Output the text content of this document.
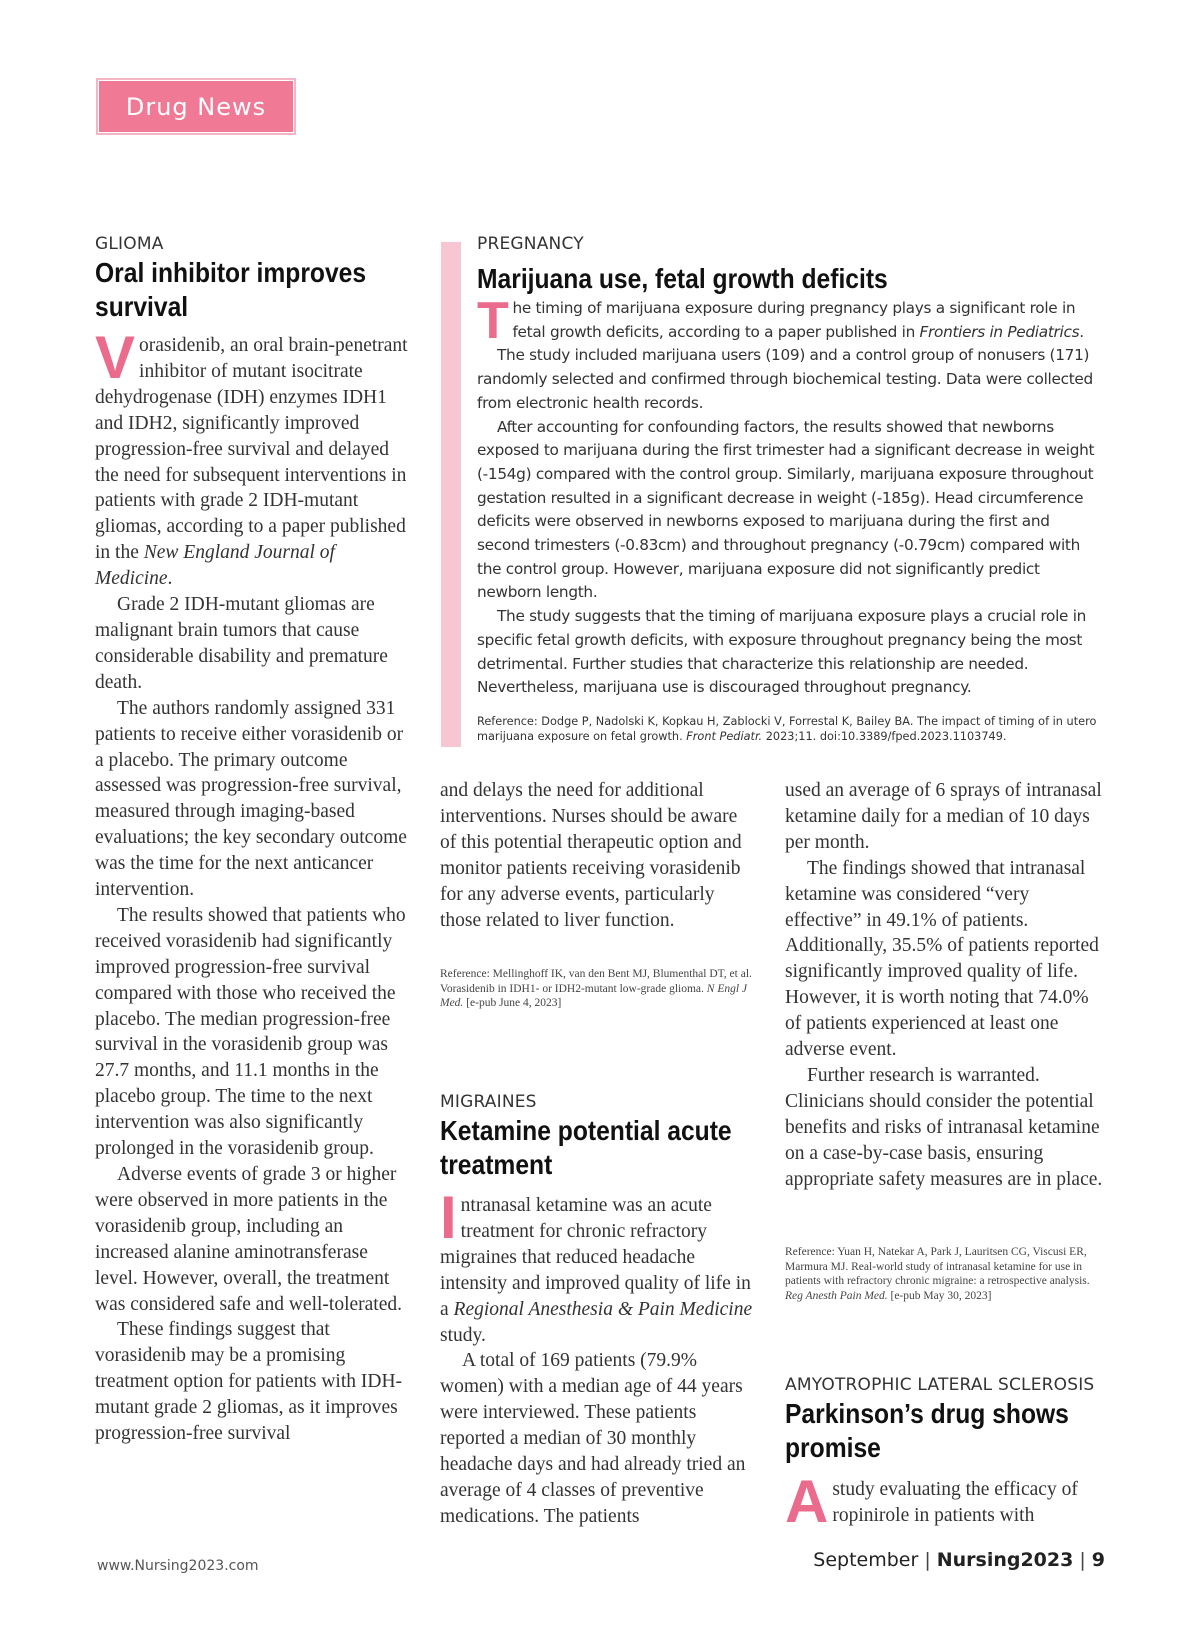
Drug News
GLIOMA
Oral inhibitor improves survival

Vorasidenib, an oral brain-penetrant inhibitor of mutant isocitrate dehydrogenase (IDH) enzymes IDH1 and IDH2, significantly improved progression-free survival and delayed the need for subsequent interventions in patients with grade 2 IDH-mutant gliomas, according to a paper published in the New England Journal of Medicine.

Grade 2 IDH-mutant gliomas are malignant brain tumors that cause considerable disability and premature death.

The authors randomly assigned 331 patients to receive either vorasidenib or a placebo. The primary outcome assessed was progression-free survival, measured through imaging-based evaluations; the key secondary outcome was the time for the next anticancer intervention.

The results showed that patients who received vorasidenib had significantly improved progression-free survival compared with those who received the placebo. The median progression-free survival in the vorasidenib group was 27.7 months, and 11.1 months in the placebo group. The time to the next intervention was also significantly prolonged in the vorasidenib group.

Adverse events of grade 3 or higher were observed in more patients in the vorasidenib group, including an increased alanine aminotransferase level. However, overall, the treatment was considered safe and well-tolerated.

These findings suggest that vorasidenib may be a promising treatment option for patients with IDH-mutant grade 2 gliomas, as it improves progression-free survival

PREGNANCY
Marijuana use, fetal growth deficits

The timing of marijuana exposure during pregnancy plays a significant role in fetal growth deficits, according to a paper published in Frontiers in Pediatrics.

The study included marijuana users (109) and a control group of nonusers (171) randomly selected and confirmed through biochemical testing. Data were collected from electronic health records.

After accounting for confounding factors, the results showed that newborns exposed to marijuana during the first trimester had a significant decrease in weight (-154g) compared with the control group. Similarly, marijuana exposure throughout gestation resulted in a significant decrease in weight (-185g). Head circumference deficits were observed in newborns exposed to marijuana during the first and second trimesters (-0.83cm) and throughout pregnancy (-0.79cm) compared with the control group. However, marijuana exposure did not significantly predict newborn length.

The study suggests that the timing of marijuana exposure plays a crucial role in specific fetal growth deficits, with exposure throughout pregnancy being the most detrimental. Further studies that characterize this relationship are needed. Nevertheless, marijuana use is discouraged throughout pregnancy.

Reference: Dodge P, Nadolski K, Kopkau H, Zablocki V, Forrestal K, Bailey BA. The impact of timing of in utero marijuana exposure on fetal growth. Front Pediatr. 2023;11. doi:10.3389/fped.2023.1103749.

and delays the need for additional interventions. Nurses should be aware of this potential therapeutic option and monitor patients receiving vorasidenib for any adverse events, particularly those related to liver function.

Reference: Mellinghoff IK, van den Bent MJ, Blumenthal DT, et al. Vorasidenib in IDH1- or IDH2-mutant low-grade glioma. N Engl J Med. [e-pub June 4, 2023]
MIGRAINES
Ketamine potential acute treatment

Intranasal ketamine was an acute treatment for chronic refractory migraines that reduced headache intensity and improved quality of life in a Regional Anesthesia & Pain Medicine study.

A total of 169 patients (79.9% women) with a median age of 44 years were interviewed. These patients reported a median of 30 monthly headache days and had already tried an average of 4 classes of preventive medications. The patients

used an average of 6 sprays of intranasal ketamine daily for a median of 10 days per month.

The findings showed that intranasal ketamine was considered “very effective” in 49.1% of patients. Additionally, 35.5% of patients reported significantly improved quality of life. However, it is worth noting that 74.0% of patients experienced at least one adverse event.

Further research is warranted. Clinicians should consider the potential benefits and risks of intranasal ketamine on a case-by-case basis, ensuring appropriate safety measures are in place.

Reference: Yuan H, Natekar A, Park J, Lauritsen CG, Viscusi ER, Marmura MJ. Real-world study of intranasal ketamine for use in patients with refractory chronic migraine: a retrospective analysis. Reg Anesth Pain Med. [e-pub May 30, 2023]
AMYOTROPHIC LATERAL SCLEROSIS
Parkinson’s drug shows promise

Astudy evaluating the efficacy of ropinirole in patients with

www.Nursing2023.com	September | Nursing2023 | 9
